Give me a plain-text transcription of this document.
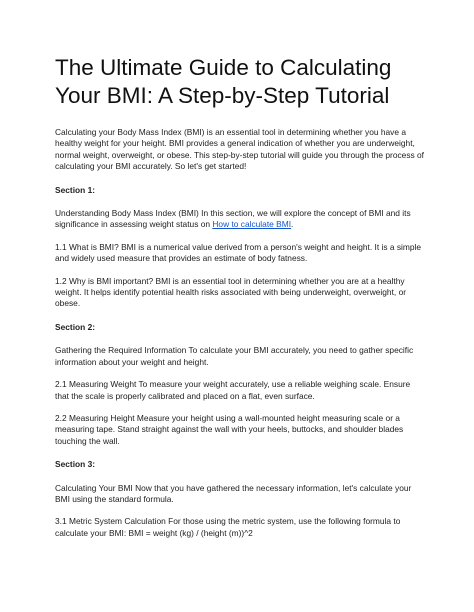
The Ultimate Guide to Calculating Your BMI: A Step-by-Step Tutorial

Calculating your Body Mass Index (BMI) is an essential tool in determining whether you have a healthy weight for your height. BMI provides a general indication of whether you are underweight, normal weight, overweight, or obese. This step-by-step tutorial will guide you through the process of calculating your BMI accurately. So let's get started!

Section 1:

Understanding Body Mass Index (BMI) In this section, we will explore the concept of BMI and its significance in assessing weight status on How to calculate BMI.

1.1 What is BMI? BMI is a numerical value derived from a person's weight and height. It is a simple and widely used measure that provides an estimate of body fatness.

1.2 Why is BMI important? BMI is an essential tool in determining whether you are at a healthy weight. It helps identify potential health risks associated with being underweight, overweight, or obese.

Section 2:

Gathering the Required Information To calculate your BMI accurately, you need to gather specific information about your weight and height.

2.1 Measuring Weight To measure your weight accurately, use a reliable weighing scale. Ensure that the scale is properly calibrated and placed on a flat, even surface.

2.2 Measuring Height Measure your height using a wall-mounted height measuring scale or a measuring tape. Stand straight against the wall with your heels, buttocks, and shoulder blades touching the wall.

Section 3:

Calculating Your BMI Now that you have gathered the necessary information, let's calculate your BMI using the standard formula.

3.1 Metric System Calculation For those using the metric system, use the following formula to calculate your BMI: BMI = weight (kg) / (height (m))^2
